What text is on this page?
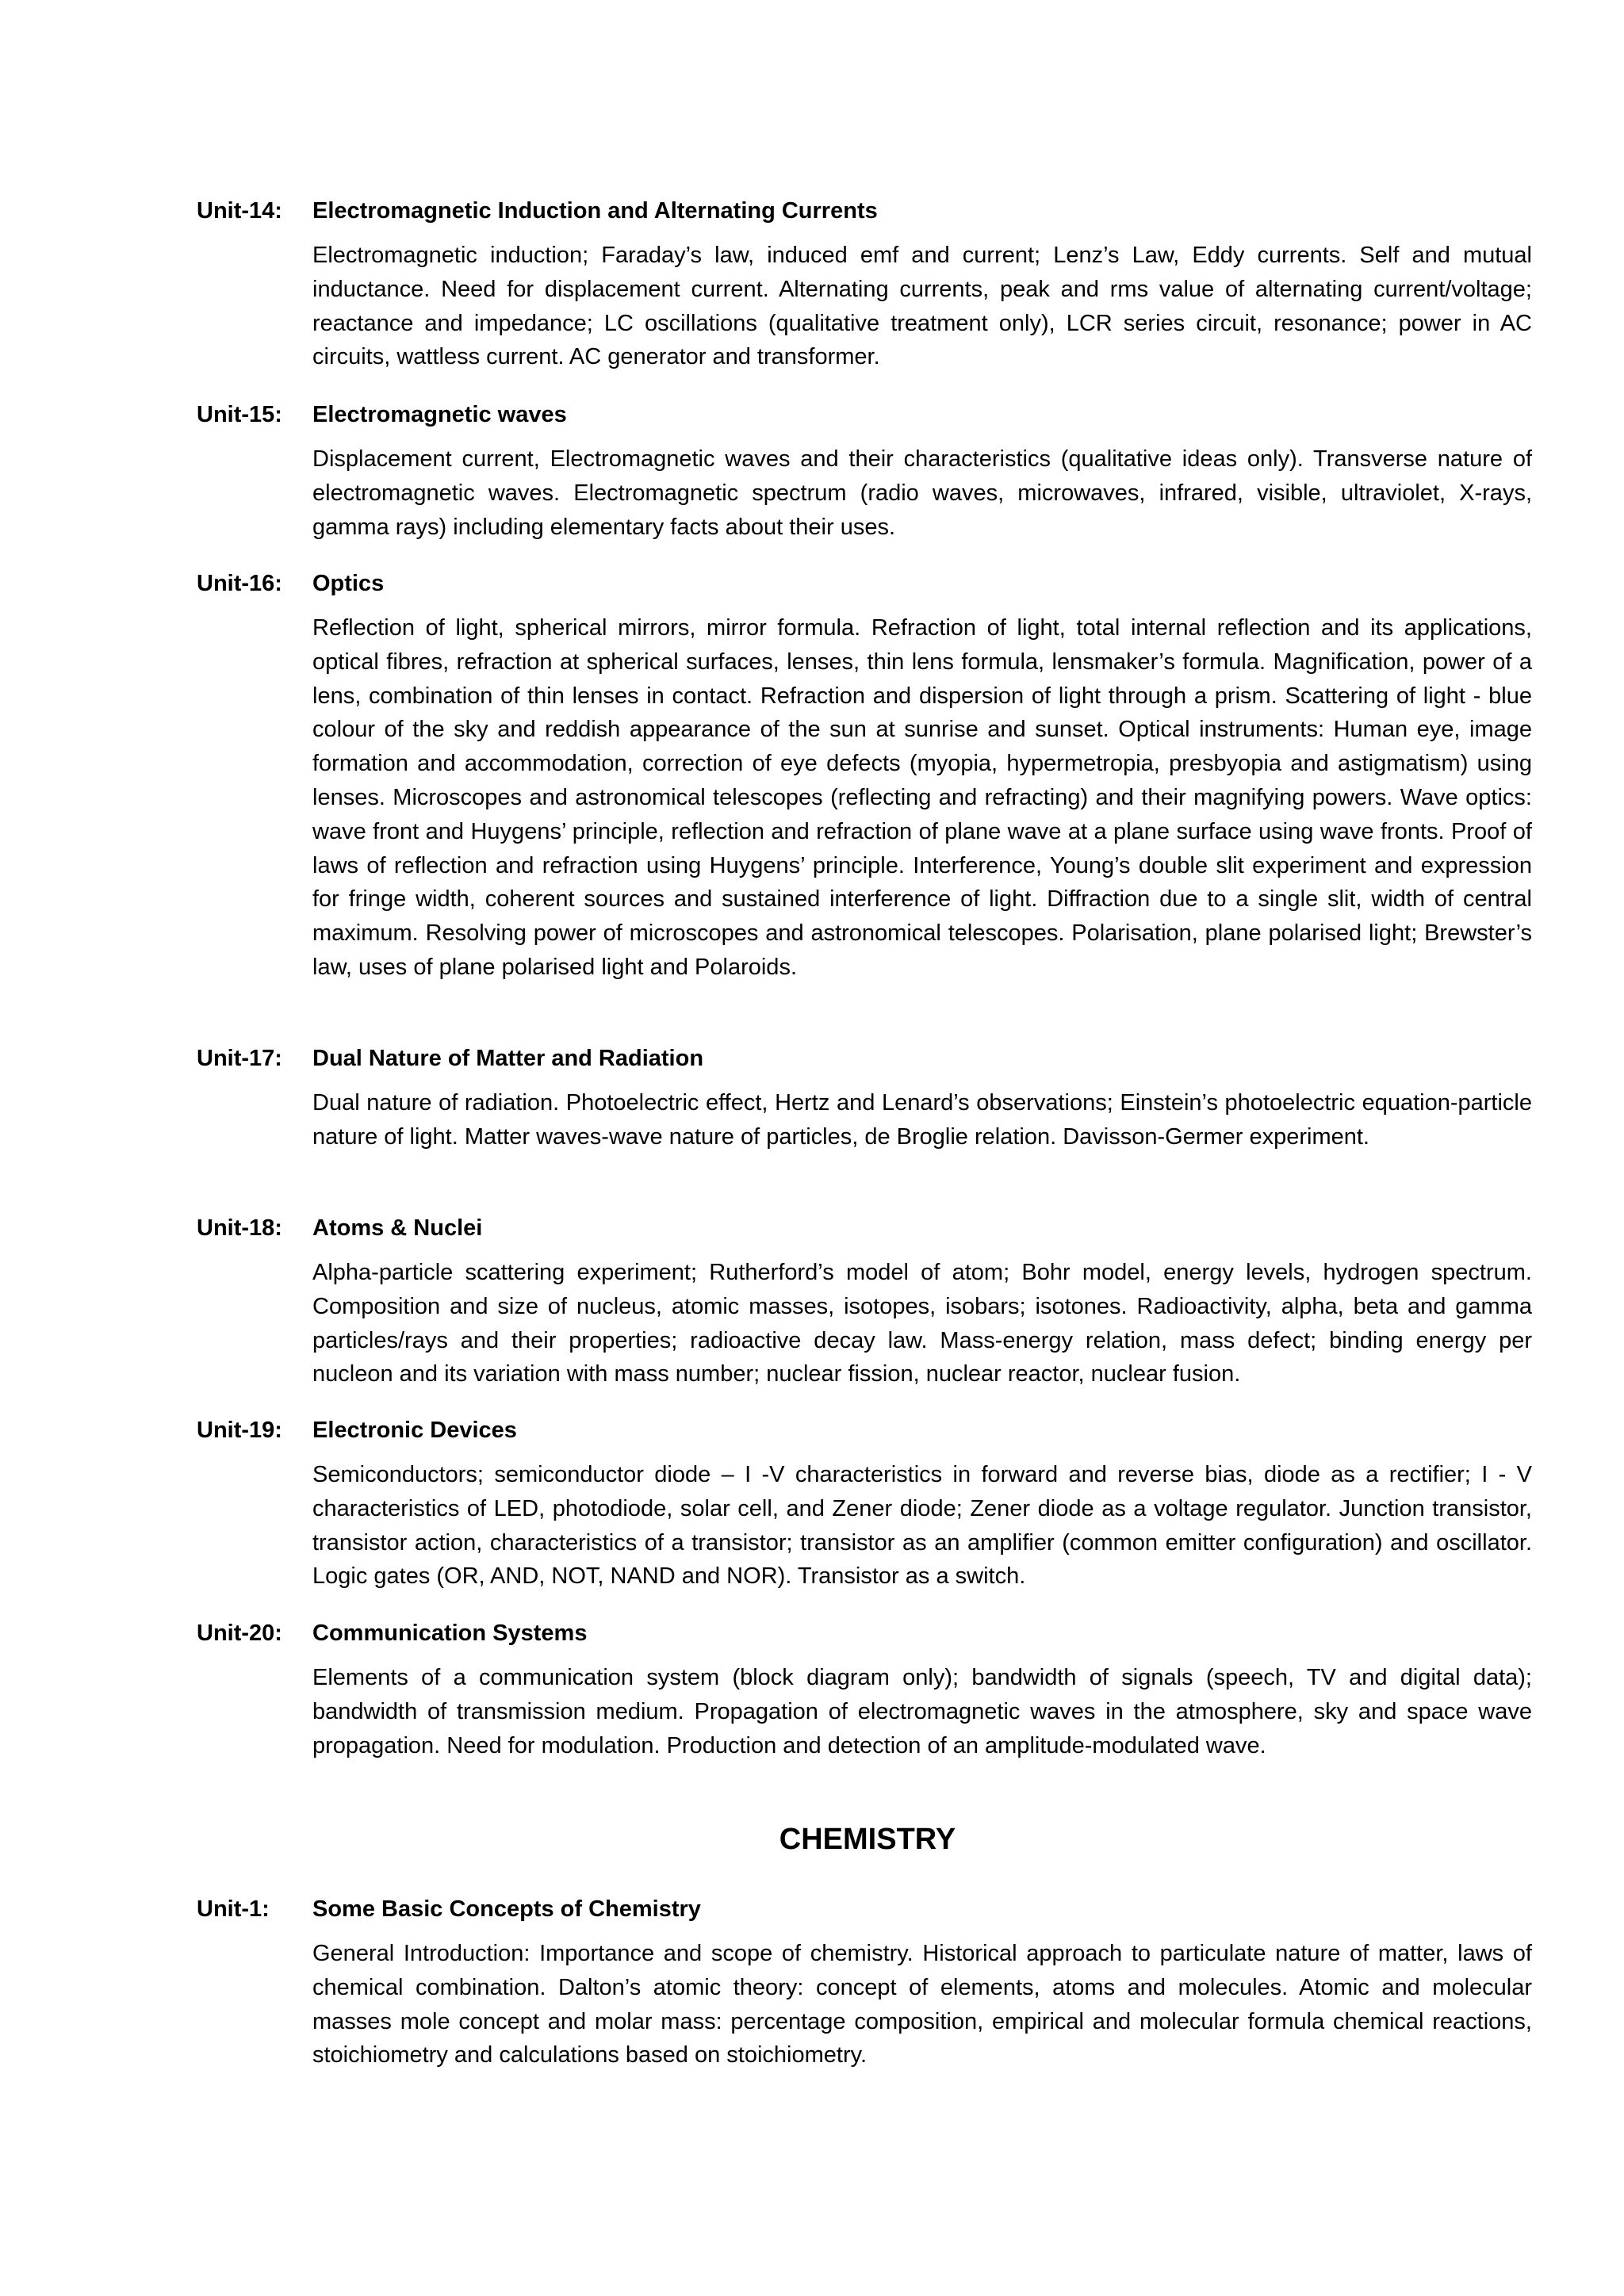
Unit-14: Electromagnetic Induction and Alternating Currents

Electromagnetic induction; Faraday’s law, induced emf and current; Lenz’s Law, Eddy currents. Self and mutual inductance. Need for displacement current. Alternating currents, peak and rms value of alternating current/voltage; reactance and impedance; LC oscillations (qualitative treatment only), LCR series circuit, resonance; power in AC circuits, wattless current. AC generator and transformer.

Unit-15: Electromagnetic waves

Displacement current, Electromagnetic waves and their characteristics (qualitative ideas only). Transverse nature of electromagnetic waves. Electromagnetic spectrum (radio waves, microwaves, infrared, visible, ultraviolet, X-rays, gamma rays) including elementary facts about their uses.

Unit-16: Optics

Reflection of light, spherical mirrors, mirror formula. Refraction of light, total internal reflection and its applications, optical fibres, refraction at spherical surfaces, lenses, thin lens formula, lensmaker’s formula. Magnification, power of a lens, combination of thin lenses in contact. Refraction and dispersion of light through a prism. Scattering of light - blue colour of the sky and reddish appearance of the sun at sunrise and sunset. Optical instruments: Human eye, image formation and accommodation, correction of eye defects (myopia, hypermetropia, presbyopia and astigmatism) using lenses. Microscopes and astronomical telescopes (reflecting and refracting) and their magnifying powers. Wave optics: wave front and Huygens’ principle, reflection and refraction of plane wave at a plane surface using wave fronts. Proof of laws of reflection and refraction using Huygens’ principle. Interference, Young’s double slit experiment and expression for fringe width, coherent sources and sustained interference of light. Diffraction due to a single slit, width of central maximum. Resolving power of microscopes and astronomical telescopes. Polarisation, plane polarised light; Brewster’s law, uses of plane polarised light and Polaroids.

Unit-17: Dual Nature of Matter and Radiation

Dual nature of radiation. Photoelectric effect, Hertz and Lenard’s observations; Einstein’s photoelectric equation-particle nature of light. Matter waves-wave nature of particles, de Broglie relation. Davisson-Germer experiment.

Unit-18: Atoms & Nuclei

Alpha-particle scattering experiment; Rutherford’s model of atom; Bohr model, energy levels, hydrogen spectrum. Composition and size of nucleus, atomic masses, isotopes, isobars; isotones. Radioactivity, alpha, beta and gamma particles/rays and their properties; radioactive decay law. Mass-energy relation, mass defect; binding energy per nucleon and its variation with mass number; nuclear fission, nuclear reactor, nuclear fusion.

Unit-19: Electronic Devices

Semiconductors; semiconductor diode – I -V characteristics in forward and reverse bias, diode as a rectifier; I - V characteristics of LED, photodiode, solar cell, and Zener diode; Zener diode as a voltage regulator. Junction transistor, transistor action, characteristics of a transistor; transistor as an amplifier (common emitter configuration) and oscillator. Logic gates (OR, AND, NOT, NAND and NOR). Transistor as a switch.

Unit-20: Communication Systems

Elements of a communication system (block diagram only); bandwidth of signals (speech, TV and digital data); bandwidth of transmission medium. Propagation of electromagnetic waves in the atmosphere, sky and space wave propagation. Need for modulation. Production and detection of an amplitude-modulated wave.

CHEMISTRY
Unit-1: Some Basic Concepts of Chemistry

General Introduction: Importance and scope of chemistry. Historical approach to particulate nature of matter, laws of chemical combination. Dalton’s atomic theory: concept of elements, atoms and molecules. Atomic and molecular masses mole concept and molar mass: percentage composition, empirical and molecular formula chemical reactions, stoichiometry and calculations based on stoichiometry.
